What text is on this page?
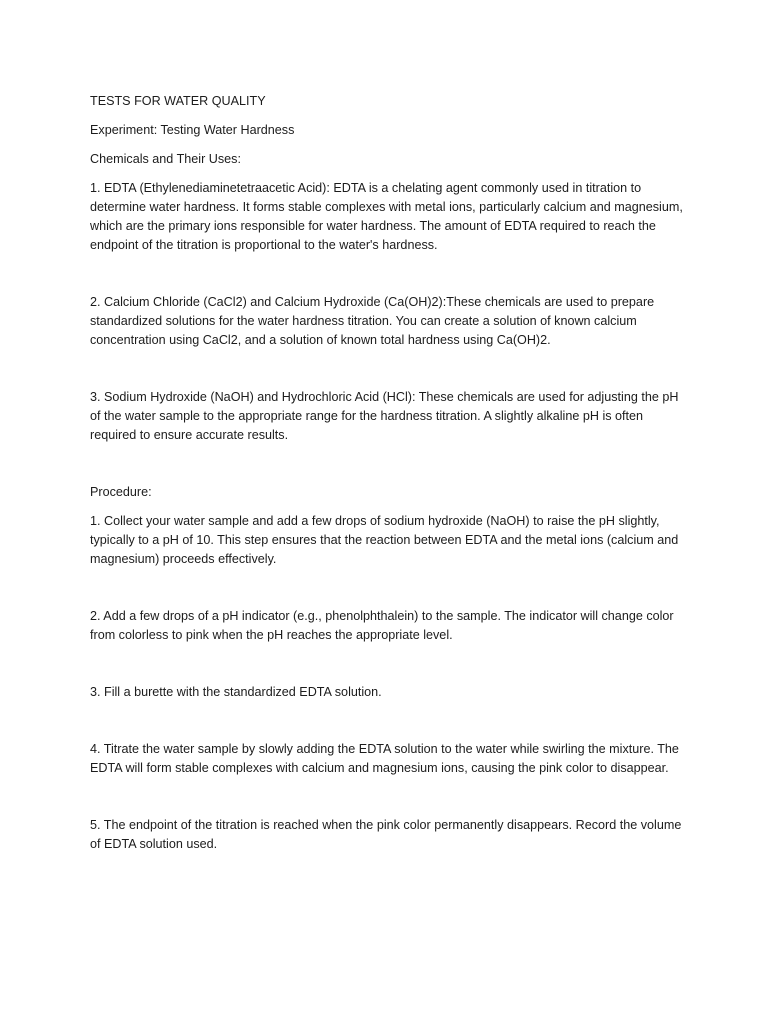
TESTS FOR WATER QUALITY

Experiment: Testing Water Hardness

Chemicals and Their Uses:

1. EDTA (Ethylenediaminetetraacetic Acid): EDTA is a chelating agent commonly used in titration to determine water hardness. It forms stable complexes with metal ions, particularly calcium and magnesium, which are the primary ions responsible for water hardness. The amount of EDTA required to reach the endpoint of the titration is proportional to the water's hardness.

2. Calcium Chloride (CaCl2) and Calcium Hydroxide (Ca(OH)2):These chemicals are used to prepare standardized solutions for the water hardness titration. You can create a solution of known calcium concentration using CaCl2, and a solution of known total hardness using Ca(OH)2.

3. Sodium Hydroxide (NaOH) and Hydrochloric Acid (HCl): These chemicals are used for adjusting the pH of the water sample to the appropriate range for the hardness titration. A slightly alkaline pH is often required to ensure accurate results.

Procedure:

1. Collect your water sample and add a few drops of sodium hydroxide (NaOH) to raise the pH slightly, typically to a pH of 10. This step ensures that the reaction between EDTA and the metal ions (calcium and magnesium) proceeds effectively.

2. Add a few drops of a pH indicator (e.g., phenolphthalein) to the sample. The indicator will change color from colorless to pink when the pH reaches the appropriate level.

3. Fill a burette with the standardized EDTA solution.

4. Titrate the water sample by slowly adding the EDTA solution to the water while swirling the mixture. The EDTA will form stable complexes with calcium and magnesium ions, causing the pink color to disappear.

5. The endpoint of the titration is reached when the pink color permanently disappears. Record the volume of EDTA solution used.
